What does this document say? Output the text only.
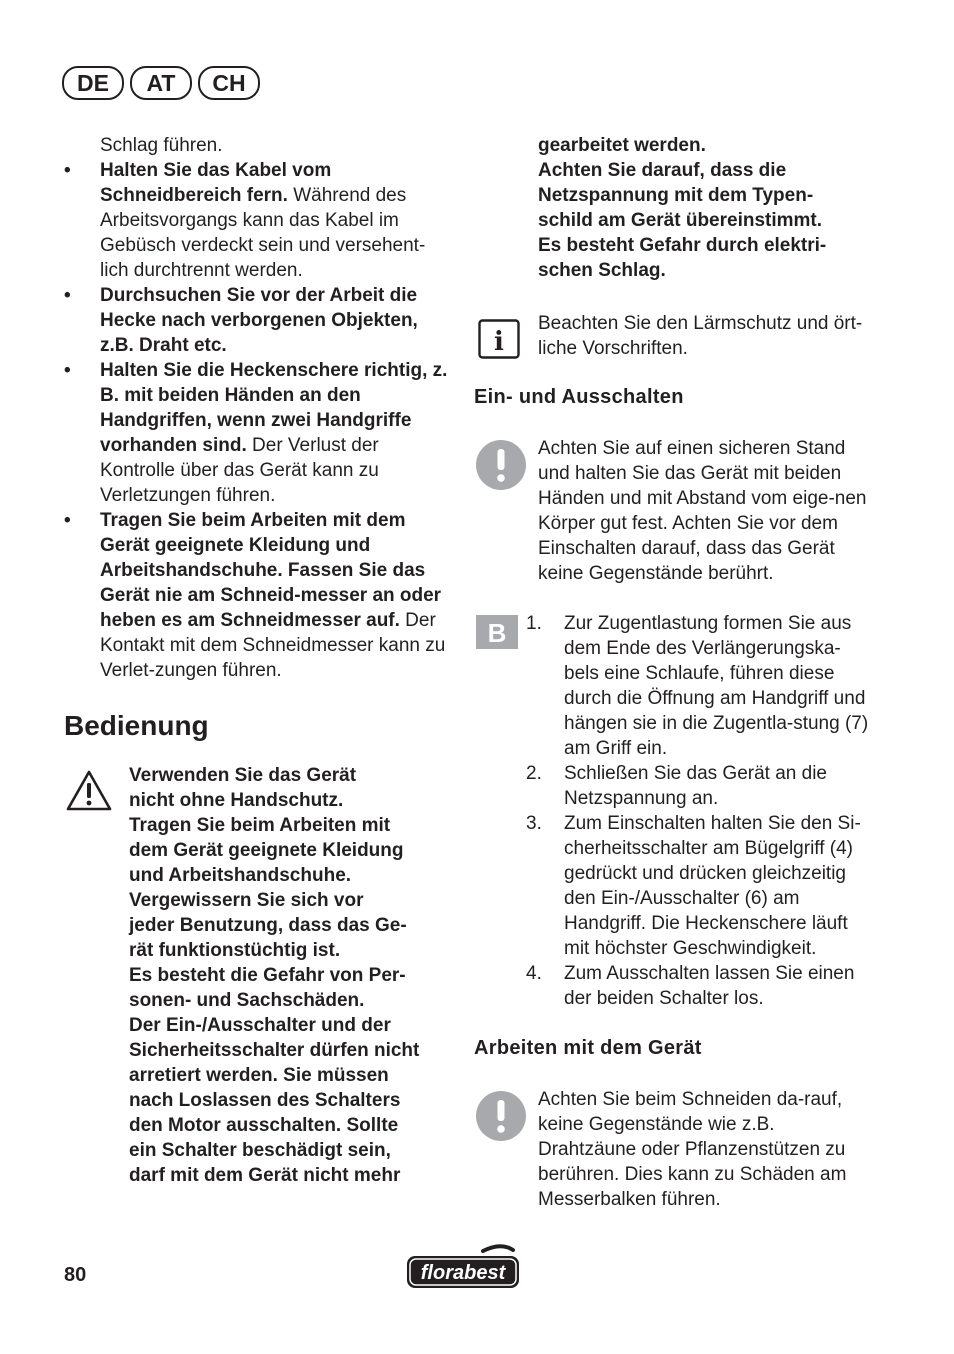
DE	AT	CH

Schlag führen.

• Halten Sie das Kabel vom Schneidbereich fern. Während des Arbeitsvorgangs kann das Kabel im Gebüsch verdeckt sein und versehent-lich durchtrennt werden.
• Durchsuchen Sie vor der Arbeit die Hecke nach verborgenen Objekten, z.B. Draht etc.
• Halten Sie die Heckenschere richtig, z. B. mit beiden Händen an den Handgriffen, wenn zwei Handgriffe vorhanden sind. Der Verlust der Kontrolle über das Gerät kann zu Verletzungen führen.
• Tragen Sie beim Arbeiten mit dem Gerät geeignete Kleidung und Arbeitshandschuhe. Fassen Sie das Gerät nie am Schneid-messer an oder heben es am Schneidmesser auf. Der Kontakt mit dem Schneidmesser kann zu Verlet-zungen führen.
Bedienung
Verwenden Sie das Gerät
nicht ohne Handschutz.
Tragen Sie beim Arbeiten mit
dem Gerät geeignete Kleidung
und Arbeitshandschuhe.
Vergewissern Sie sich vor
jeder Benutzung, dass das Ge-
rät funktionstüchtig ist.
Es besteht die Gefahr von Per-
sonen- und Sachschäden.
Der Ein-/Ausschalter und der
Sicherheitsschalter dürfen nicht
arretiert werden. Sie müssen
nach Loslassen des Schalters
den Motor ausschalten. Sollte
ein Schalter beschädigt sein,
darf mit dem Gerät nicht mehr
gearbeitet werden.
Achten Sie darauf, dass die
Netzspannung mit dem Typen-
schild am Gerät übereinstimmt.
Es besteht Gefahr durch elektri-
schen Schlag.
i

Beachten Sie den Lärmschutz und ört-liche Vorschriften.

Ein- und Ausschalten

Achten Sie auf einen sicheren Stand und halten Sie das Gerät mit beiden Händen und mit Abstand vom eige-nen Körper gut fest. Achten Sie vor dem Einschalten darauf, dass das Gerät keine Gegenstände berührt.

B 1. Zur Zugentlastung formen Sie aus dem Ende des Verlängerungska-bels eine Schlaufe, führen diese durch die Öffnung am Handgriff und hängen sie in die Zugentla-stung (7) am Griff ein.
2. Schließen Sie das Gerät an die Netzspannung an.
3. Zum Einschalten halten Sie den Si-cherheitsschalter am Bügelgriff (4) gedrückt und drücken gleichzeitig den Ein-/Ausschalter (6) am Handgriff. Die Heckenschere läuft mit höchster Geschwindigkeit.
4. Zum Ausschalten lassen Sie einen der beiden Schalter los.
Arbeiten mit dem Gerät

Achten Sie beim Schneiden da-rauf, keine Gegenstände wie z.B. Drahtzäune oder Pflanzenstützen zu berühren. Dies kann zu Schäden am Messerbalken führen.

80	florabest
